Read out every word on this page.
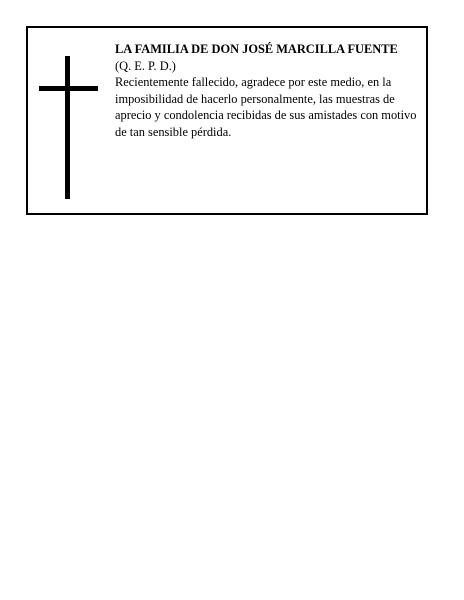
LA FAMILIA DE DON JOSÉ MARCILLA FUENTE

(Q. E. P. D.)

Recientemente fallecido, agradece por este medio, en la imposibilidad de hacerlo personalmente, las muestras de aprecio y condolencia recibidas de sus amistades con motivo de tan sensible pérdida.
